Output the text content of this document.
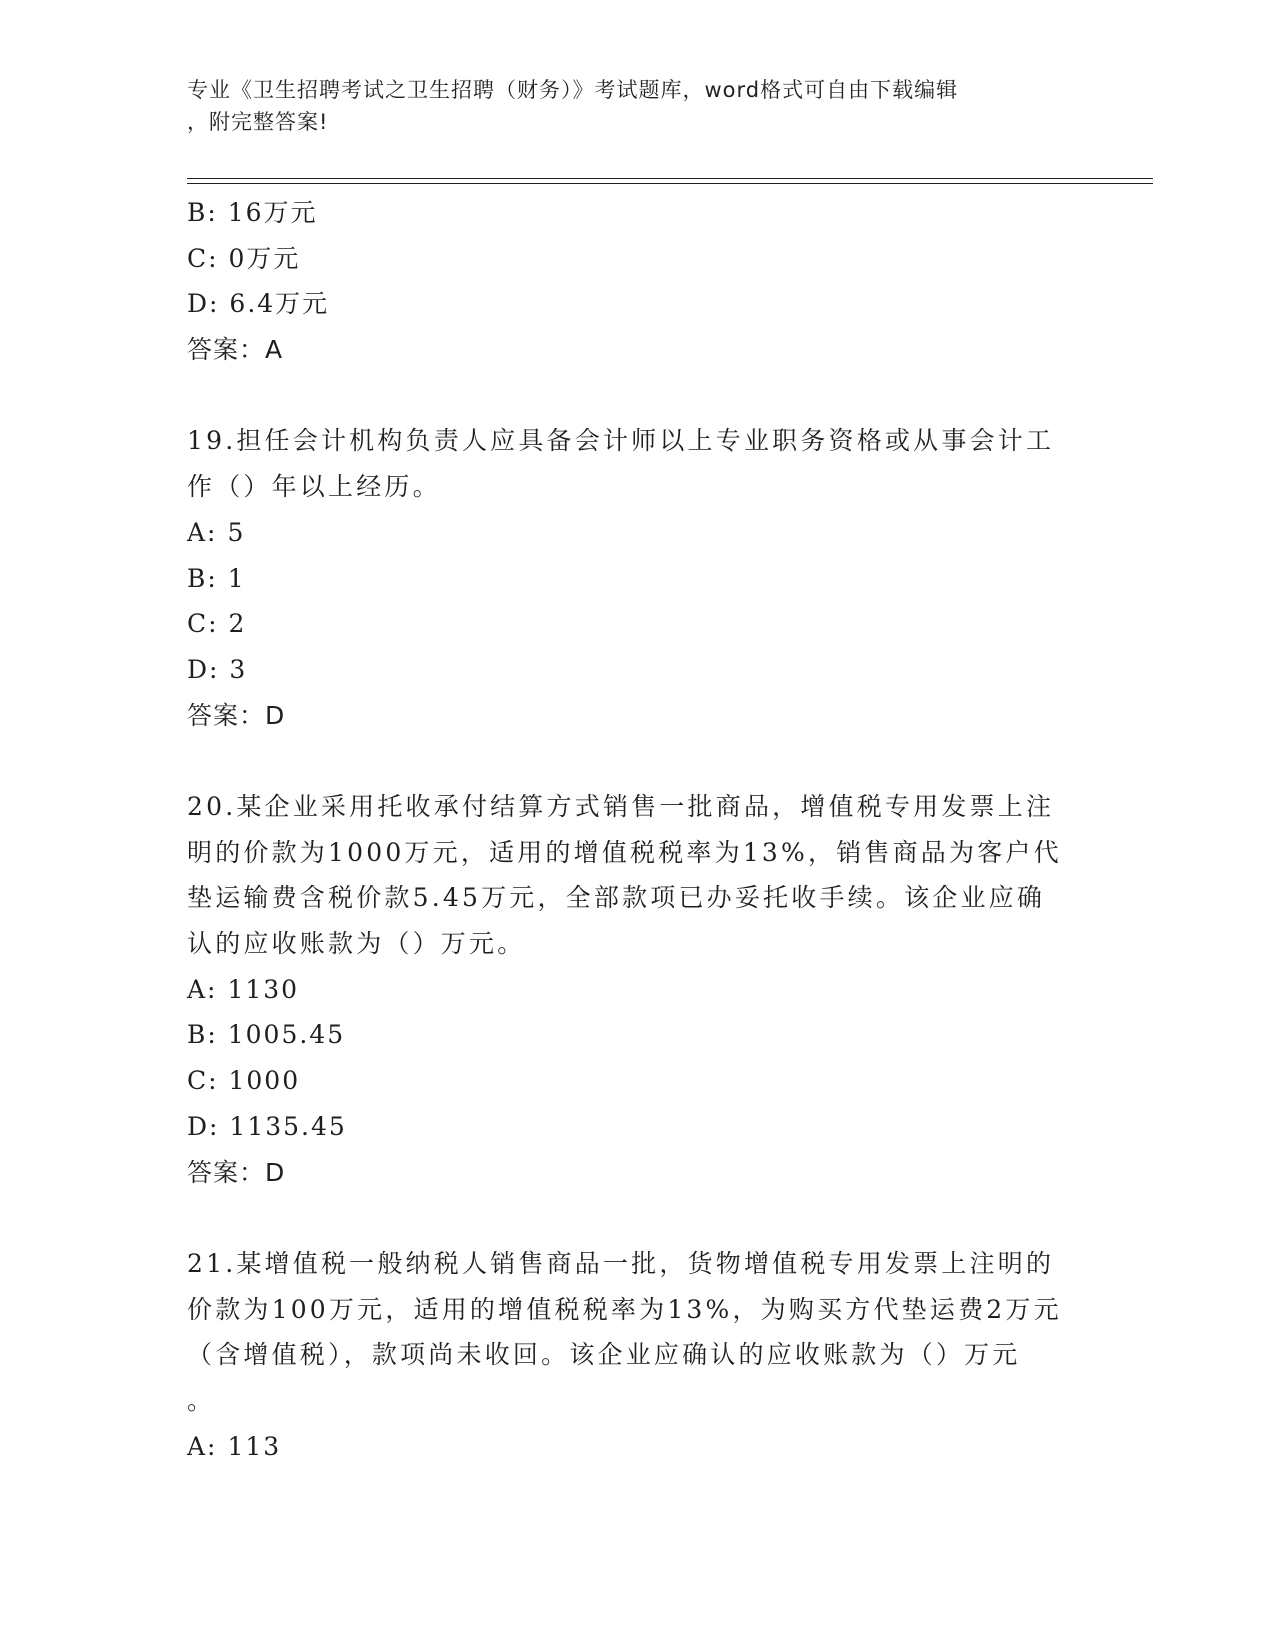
专业《卫生招聘考试之卫生招聘（财务）》考试题库，word格式可自由下载编辑
，附完整答案!
B: 16万元
C: 0万元
D: 6.4万元
答案：A
19.担任会计机构负责人应具备会计师以上专业职务资格或从事会计工
作（）年以上经历。
A: 5
B: 1
C: 2
D: 3
答案：D
20.某企业采用托收承付结算方式销售一批商品，增值税专用发票上注
明的价款为1000万元，适用的增值税税率为13%，销售商品为客户代
垫运输费含税价款5.45万元，全部款项已办妥托收手续。该企业应确
认的应收账款为（）万元。
A: 1130
B: 1005.45
C: 1000
D: 1135.45
答案：D
21.某增值税一般纳税人销售商品一批，货物增值税专用发票上注明的
价款为100万元，适用的增值税税率为13%，为购买方代垫运费2万元
（含增值税），款项尚未收回。该企业应确认的应收账款为（）万元
。
A: 113
